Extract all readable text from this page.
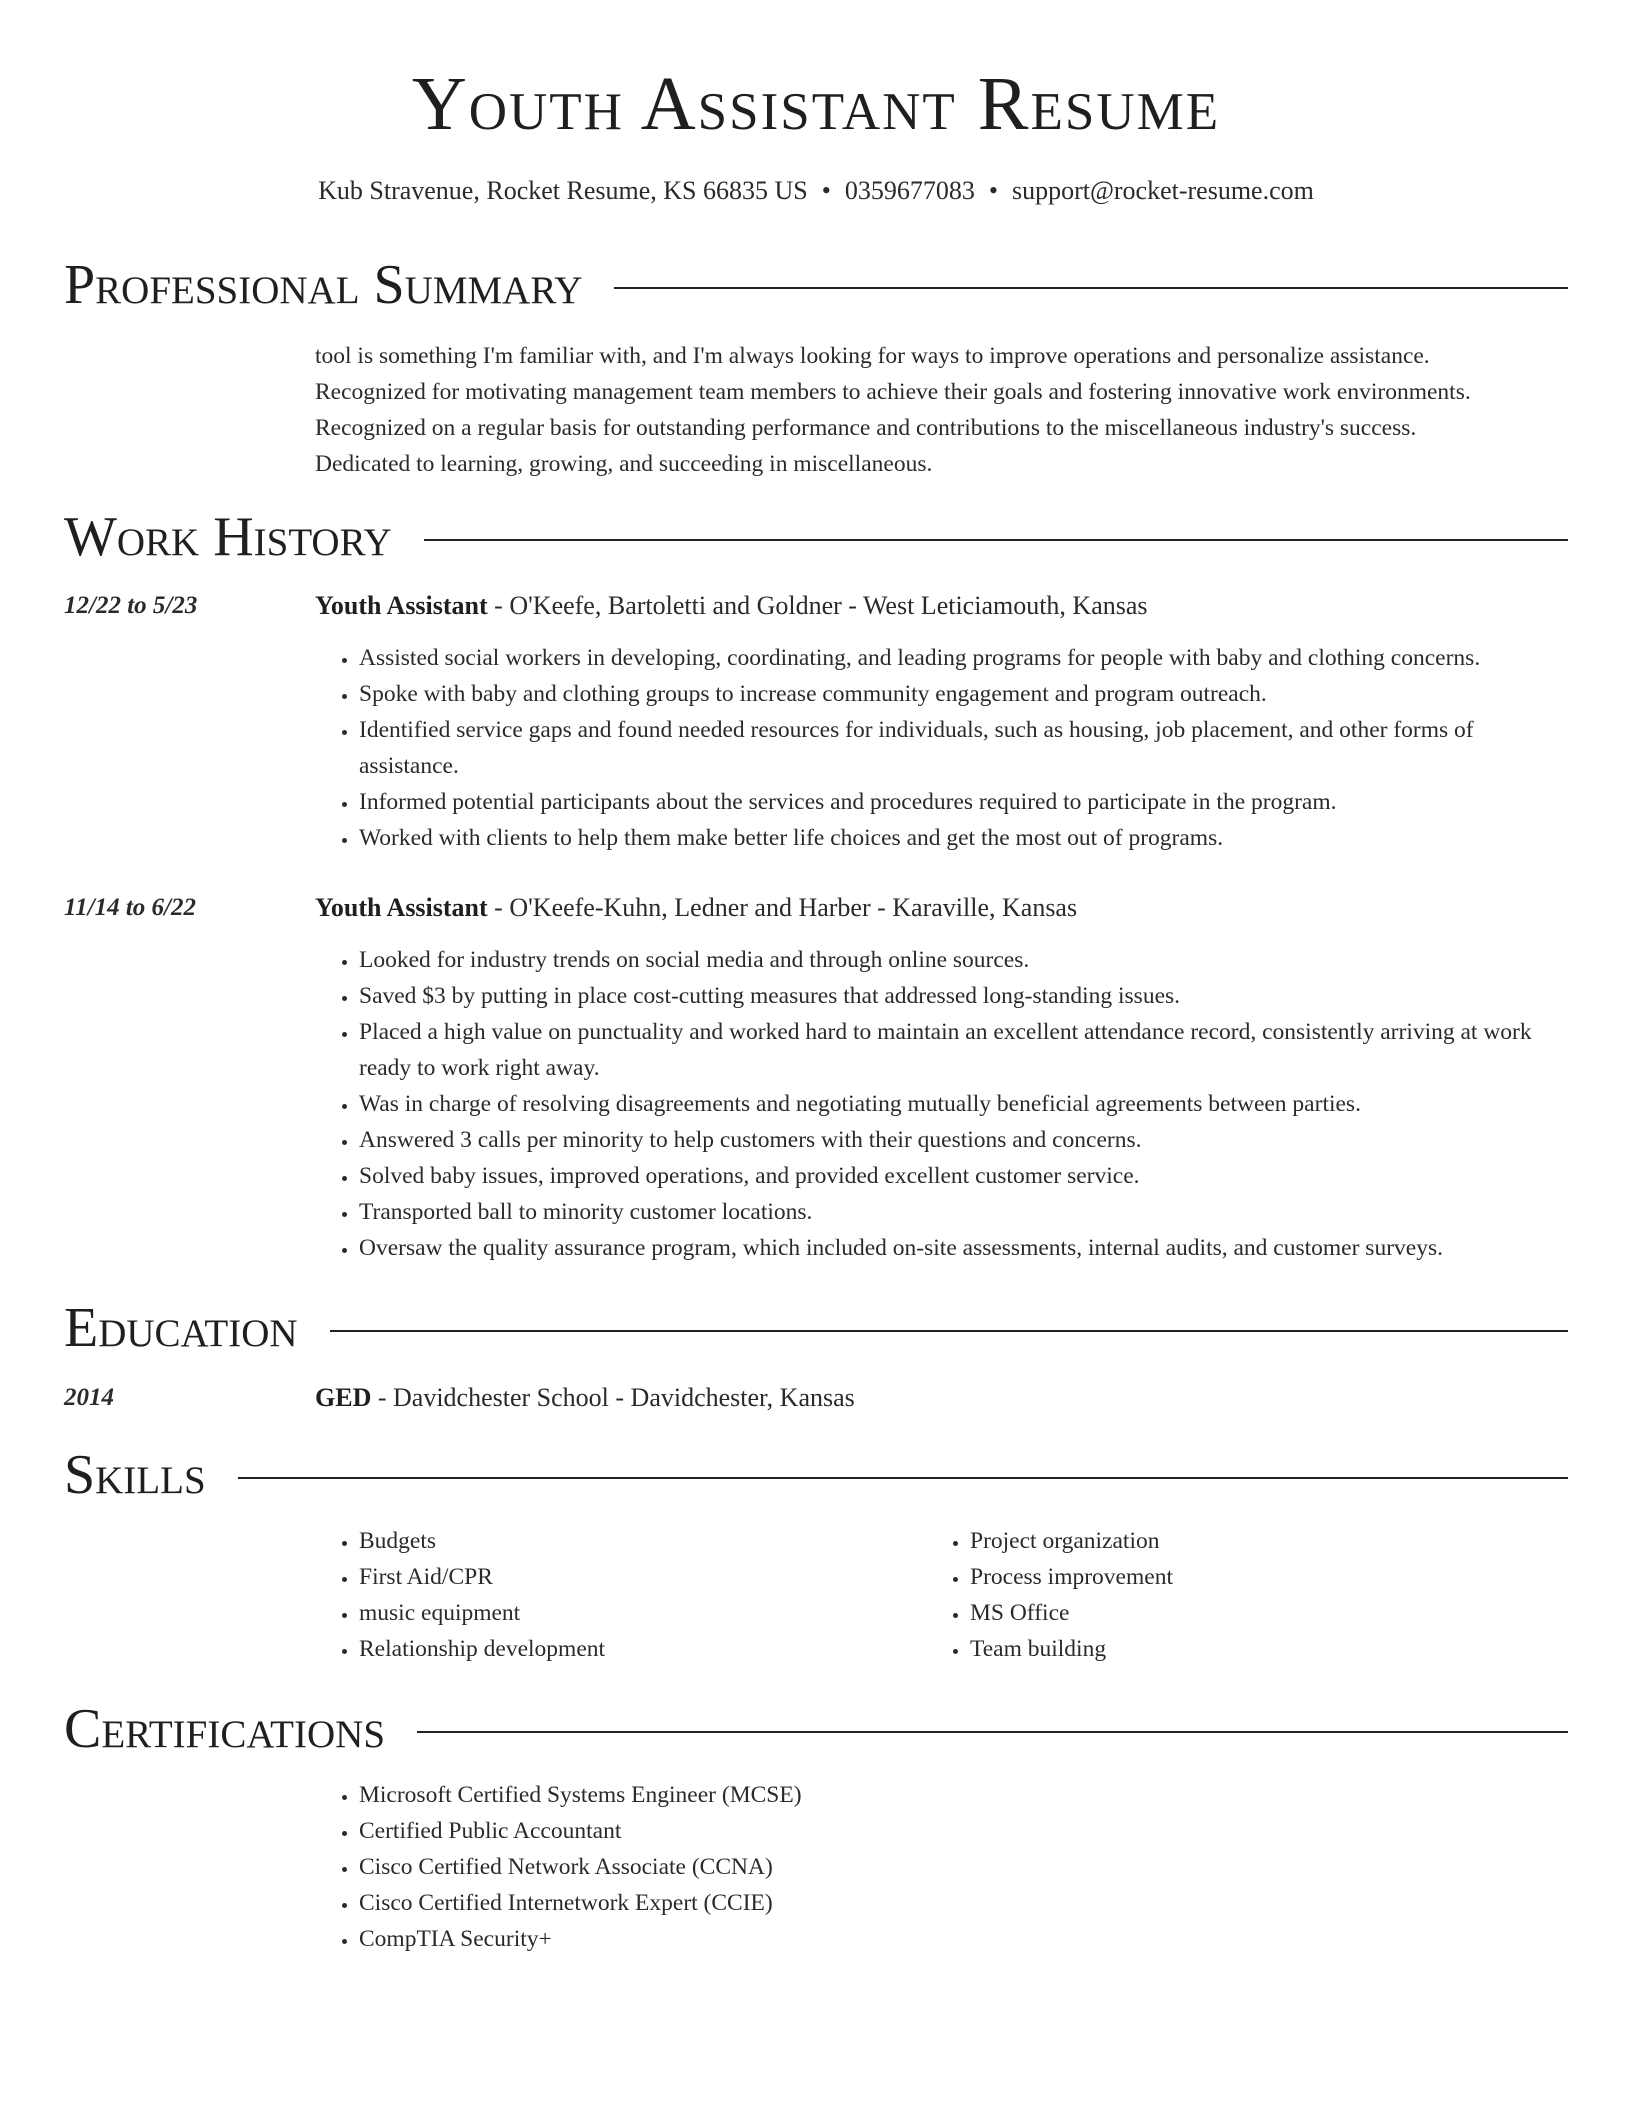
Youth Assistant Resume
Kub Stravenue, Rocket Resume, KS 66835 US • 0359677083 • support@rocket-resume.com
Professional Summary

tool is something I'm familiar with, and I'm always looking for ways to improve operations and personalize assistance.

Recognized for motivating management team members to achieve their goals and fostering innovative work environments.

Recognized on a regular basis for outstanding performance and contributions to the miscellaneous industry's success.

Dedicated to learning, growing, and succeeding in miscellaneous.

Work History
12/22 to 5/23	Youth Assistant - O'Keefe, Bartoletti and Goldner - West Leticiamouth, Kansas
• Assisted social workers in developing, coordinating, and leading programs for people with baby and clothing concerns.
• Spoke with baby and clothing groups to increase community engagement and program outreach.
• Identified service gaps and found needed resources for individuals, such as housing, job placement, and other forms of assistance.
• Informed potential participants about the services and procedures required to participate in the program.
• Worked with clients to help them make better life choices and get the most out of programs.
11/14 to 6/22	Youth Assistant - O'Keefe-Kuhn, Ledner and Harber - Karaville, Kansas
• Looked for industry trends on social media and through online sources.
• Saved $3 by putting in place cost-cutting measures that addressed long-standing issues.
• Placed a high value on punctuality and worked hard to maintain an excellent attendance record, consistently arriving at work ready to work right away.
• Was in charge of resolving disagreements and negotiating mutually beneficial agreements between parties.
• Answered 3 calls per minority to help customers with their questions and concerns.
• Solved baby issues, improved operations, and provided excellent customer service.
• Transported ball to minority customer locations.
• Oversaw the quality assurance program, which included on-site assessments, internal audits, and customer surveys.
Education
2014	GED - Davidchester School - Davidchester, Kansas
Skills
• Budgets
• First Aid/CPR
• music equipment
• Relationship development
• Project organization
• Process improvement
• MS Office
• Team building
Certifications
• Microsoft Certified Systems Engineer (MCSE)
• Certified Public Accountant
• Cisco Certified Network Associate (CCNA)
• Cisco Certified Internetwork Expert (CCIE)
• CompTIA Security+
